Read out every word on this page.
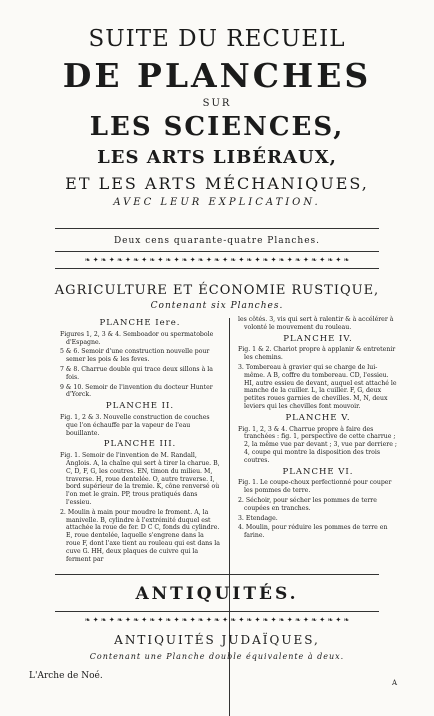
SUITE DU RECUEIL
DE PLANCHES
SUR
LES SCIENCES,
LES ARTS LIBÉRAUX,
ET LES ARTS MÉCHANIQUES,
AVEC LEUR EXPLICATION.
Deux cens quarante-quatre Planches.
❧ ✦ ❧ ✦ ❧ ✦ ❧ ✦ ❧ ✦ ❧ ✦ ❧ ✦ ❧ ✦ ❧ ✦ ❧ ✦ ❧ ✦ ❧ ✦ ❧ ✦ ❧ ✦ ❧ ✦ ❧ ✦ ❧
AGRICULTURE ET ÉCONOMIE RUSTIQUE,
Contenant six Planches.
PLANCHE Iere.
Figures 1, 2, 3 & 4. Semboador ou spermatobole d'Espagne.
5 & 6. Semoir d'une construction nouvelle pour semer les pois & les feves.
7 & 8. Charrue double qui trace deux sillons à la fois.
9 & 10. Semoir de l'invention du docteur Hunter d'Yorck.
PLANCHE II.
Fig. 1, 2 & 3. Nouvelle construction de couches que l'on échauffe par la vapeur de l'eau bouillante.
PLANCHE III.
Fig. 1. Semoir de l'invention de M. Randall, Anglois. A, la chaîne qui sert à tirer la charue. B, C, D, F, G, les coutres. EN, timon du milieu. M, traverse. H, roue dentelée. O, autre traverse. I, bord supérieur de la tremie. K, cône renversé où l'on met le grain. PP, trous pratiqués dans l'essieu.
2. Moulin à main pour moudre le froment. A, la manivelle. B, cylindre à l'extrémité duquel est attachée la roue de fer. D C C, fonds du cylindre. E, roue dentelée, laquelle s'engrene dans la roue F, dont l'axe tient au rouleau qui est dans la cuve G. HH, deux plaques de cuivre qui la ferment par
les côtés. 3, vis qui sert à ralentir & à accélérer à volonté le mouvement du rouleau.
PLANCHE IV.
Fig. 1 & 2. Chariot propre à applanir & entretenir les chemins.
3. Tombereau à gravier qui se charge de lui-même. A B, coffre du tombereau. CD, l'essieu. HI, autre essieu de devant, auquel est attaché le manche de la cuiller. L, la cuiller. F, G, deux petites roues garnies de chevilles. M, N, deux leviers qui les chevilles font mouvoir.
PLANCHE V.
Fig. 1, 2, 3 & 4. Charrue propre à faire des tranchées : fig. 1, perspective de cette charrue ; 2, la même vue par devant ; 3, vue par derriere ; 4, coupe qui montre la disposition des trois coutres.
PLANCHE VI.
Fig. 1. Le coupe-choux perfectionné pour couper les pommes de terre.
2. Séchoir, pour sécher les pommes de terre coupées en tranches.
3. Etendage.
4. Moulin, pour réduire les pommes de terre en farine.
ANTIQUITÉS.
❧ ✦ ❧ ✦ ❧ ✦ ❧ ✦ ❧ ✦ ❧ ✦ ❧ ✦ ❧ ✦ ❧ ✦ ❧ ✦ ❧ ✦ ❧ ✦ ❧ ✦ ❧ ✦ ❧ ✦ ❧ ✦ ❧
ANTIQUITÉS JUDAÏQUES,
Contenant une Planche double équivalente à deux.
L'Arche de Noé.
A
